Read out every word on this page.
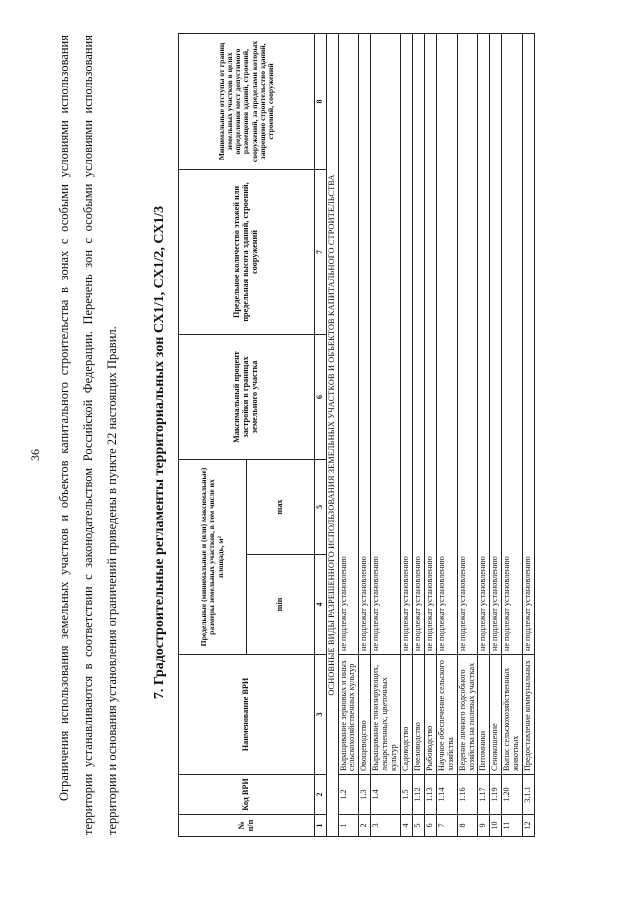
36	Ограничения использования земельных участков и объектов капитального строительства в зонах с особыми условиями использования территории устанавливаются в соответствии с законодательством Российской Федерации. Перечень зон с особыми условиями использования территории и основания установления ограничений приведены в пункте 22 настоящих Правил.	7. Градостроительные регламенты территориальных зон СХ1/1, СХ1/2, СХ1/3
№ п/п	Код ВРИ	Наименование ВРИ	Предельные (минимальные и (или) максимальные) размеры земельных участков, в том числе их площадь, м²		Максимальный процент застройки в границах земельного участка	Предельное количество этажей или предельная высота зданий, строений, сооружений	Минимальные отступы от границ земельных участков в целях определения мест допустимого размещения зданий, строений, сооружений, за пределами которых запрещено строительство зданий, строений, сооружений
			min	max			
1	2	3	4	5	6	7	8
ОСНОВНЫЕ ВИДЫ РАЗРЕШЕННОГО ИСПОЛЬЗОВАНИЯ ЗЕМЕЛЬНЫХ УЧАСТКОВ И ОБЪЕКТОВ КАПИТАЛЬНОГО СТРОИТЕЛЬСТВА							
1	1.2	Выращивание зерновых и иных сельскохозяйственных культур	не подлежат установлению				
2	1.3	Овощеводство	не подлежат установлению				
3	1.4	Выращивание тонизирующих, лекарственных, цветочных культур	не подлежат установлению				
4	1.5	Садоводство	не подлежат установлению				
5	1.12	Пчеловодство	не подлежат установлению				
6	1.13	Рыбоводство	не подлежат установлению				
7	1.14	Научное обеспечение сельского хозяйства	не подлежат установлению				
8	1.16	Ведение личного подсобного хозяйства на полевых участках	не подлежат установлению				
9	1.17	Питомники	не подлежат установлению				
10	1.19	Сенокошение	не подлежат установлению				
11	1.20	Выпас сельскохозяйственных животных	не подлежат установлению				
12	3.1.1	Предоставление коммунальных	не подлежат установлению				
